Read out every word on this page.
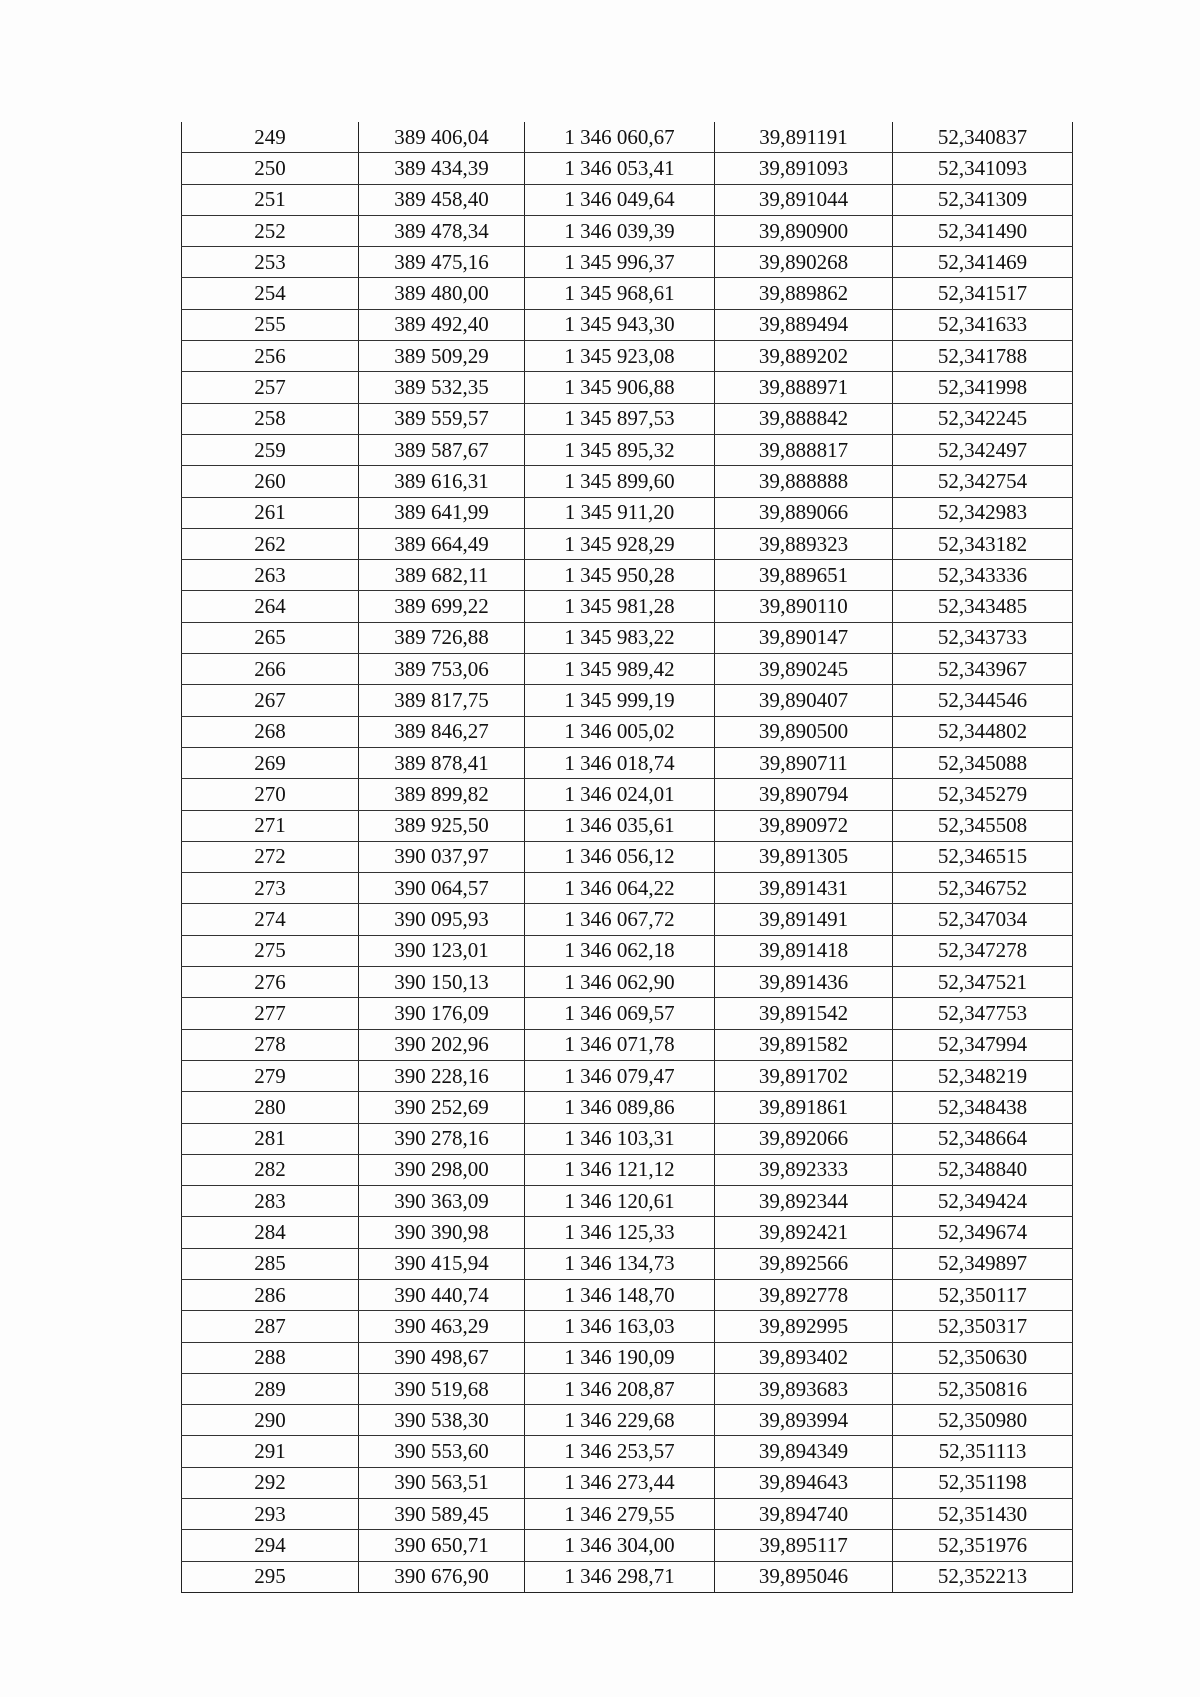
249	389 406,04	1 346 060,67	39,891191	52,340837
250	389 434,39	1 346 053,41	39,891093	52,341093
251	389 458,40	1 346 049,64	39,891044	52,341309
252	389 478,34	1 346 039,39	39,890900	52,341490
253	389 475,16	1 345 996,37	39,890268	52,341469
254	389 480,00	1 345 968,61	39,889862	52,341517
255	389 492,40	1 345 943,30	39,889494	52,341633
256	389 509,29	1 345 923,08	39,889202	52,341788
257	389 532,35	1 345 906,88	39,888971	52,341998
258	389 559,57	1 345 897,53	39,888842	52,342245
259	389 587,67	1 345 895,32	39,888817	52,342497
260	389 616,31	1 345 899,60	39,888888	52,342754
261	389 641,99	1 345 911,20	39,889066	52,342983
262	389 664,49	1 345 928,29	39,889323	52,343182
263	389 682,11	1 345 950,28	39,889651	52,343336
264	389 699,22	1 345 981,28	39,890110	52,343485
265	389 726,88	1 345 983,22	39,890147	52,343733
266	389 753,06	1 345 989,42	39,890245	52,343967
267	389 817,75	1 345 999,19	39,890407	52,344546
268	389 846,27	1 346 005,02	39,890500	52,344802
269	389 878,41	1 346 018,74	39,890711	52,345088
270	389 899,82	1 346 024,01	39,890794	52,345279
271	389 925,50	1 346 035,61	39,890972	52,345508
272	390 037,97	1 346 056,12	39,891305	52,346515
273	390 064,57	1 346 064,22	39,891431	52,346752
274	390 095,93	1 346 067,72	39,891491	52,347034
275	390 123,01	1 346 062,18	39,891418	52,347278
276	390 150,13	1 346 062,90	39,891436	52,347521
277	390 176,09	1 346 069,57	39,891542	52,347753
278	390 202,96	1 346 071,78	39,891582	52,347994
279	390 228,16	1 346 079,47	39,891702	52,348219
280	390 252,69	1 346 089,86	39,891861	52,348438
281	390 278,16	1 346 103,31	39,892066	52,348664
282	390 298,00	1 346 121,12	39,892333	52,348840
283	390 363,09	1 346 120,61	39,892344	52,349424
284	390 390,98	1 346 125,33	39,892421	52,349674
285	390 415,94	1 346 134,73	39,892566	52,349897
286	390 440,74	1 346 148,70	39,892778	52,350117
287	390 463,29	1 346 163,03	39,892995	52,350317
288	390 498,67	1 346 190,09	39,893402	52,350630
289	390 519,68	1 346 208,87	39,893683	52,350816
290	390 538,30	1 346 229,68	39,893994	52,350980
291	390 553,60	1 346 253,57	39,894349	52,351113
292	390 563,51	1 346 273,44	39,894643	52,351198
293	390 589,45	1 346 279,55	39,894740	52,351430
294	390 650,71	1 346 304,00	39,895117	52,351976
295	390 676,90	1 346 298,71	39,895046	52,352213
